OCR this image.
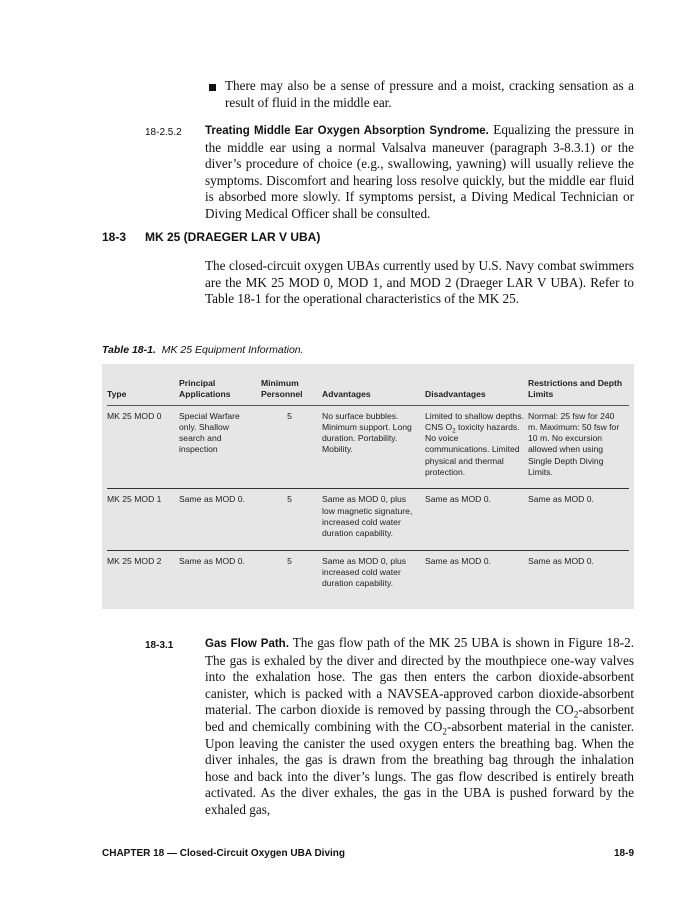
There may also be a sense of pressure and a moist, cracking sensation as a result of fluid in the middle ear.
18-2.5.2 Treating Middle Ear Oxygen Absorption Syndrome. Equalizing the pressure in the middle ear using a normal Valsalva maneuver (paragraph 3-8.3.1) or the diver’s procedure of choice (e.g., swallowing, yawning) will usually relieve the symptoms. Discomfort and hearing loss resolve quickly, but the middle ear fluid is absorbed more slowly. If symptoms persist, a Diving Medical Technician or Diving Medical Officer shall be consulted.
18-3 MK 25 (DRAEGER LAR V UBA)
The closed-circuit oxygen UBAs currently used by U.S. Navy combat swimmers are the MK 25 MOD 0, MOD 1, and MOD 2 (Draeger LAR V UBA). Refer to Table 18-1 for the operational characteristics of the MK 25.
Table 18-1. MK 25 Equipment Information.
Type	Principal Applications	Minimum Personnel	Advantages	Disadvantages	Restrictions and Depth Limits
MK 25 MOD 0	Special Warfare only. Shallow search and inspection	5	No surface bubbles. Minimum support. Long duration. Portability. Mobility.	Limited to shallow depths. CNS $O_2$ toxicity hazards. No voice communications. Limited physical and thermal protection.	Normal: 25 fsw for 240 m. Maximum: 50 fsw for 10 m. No excursion allowed when using Single Depth Diving Limits.
MK 25 MOD 1	Same as MOD 0.	5	Same as MOD 0, plus low magnetic signature, increased cold water duration capability.	Same as MOD 0.	Same as MOD 0.
MK 25 MOD 2	Same as MOD 0.	5	Same as MOD 0, plus increased cold water duration capability.	Same as MOD 0.	Same as MOD 0.
18-3.1	Gas Flow Path. The gas flow path of the MK 25 UBA is shown in Figure 18-2. The gas is exhaled by the diver and directed by the mouthpiece one-way valves into the exhalation hose. The gas then enters the carbon dioxide-absorbent canister, which is packed with a NAVSEA-approved carbon dioxide-absorbent material. The carbon dioxide is removed by passing through the $CO_2$-absorbent bed and chemically combining with the $CO_2$-absorbent material in the canister. Upon leaving the canister the used oxygen enters the breathing bag. When the diver inhales, the gas is drawn from the breathing bag through the inhalation hose and back into the diver’s lungs. The gas flow described is entirely breath activated. As the diver exhales, the gas in the UBA is pushed forward by the exhaled gas,
CHAPTER 18 — Closed-Circuit Oxygen UBA Diving	18-9
